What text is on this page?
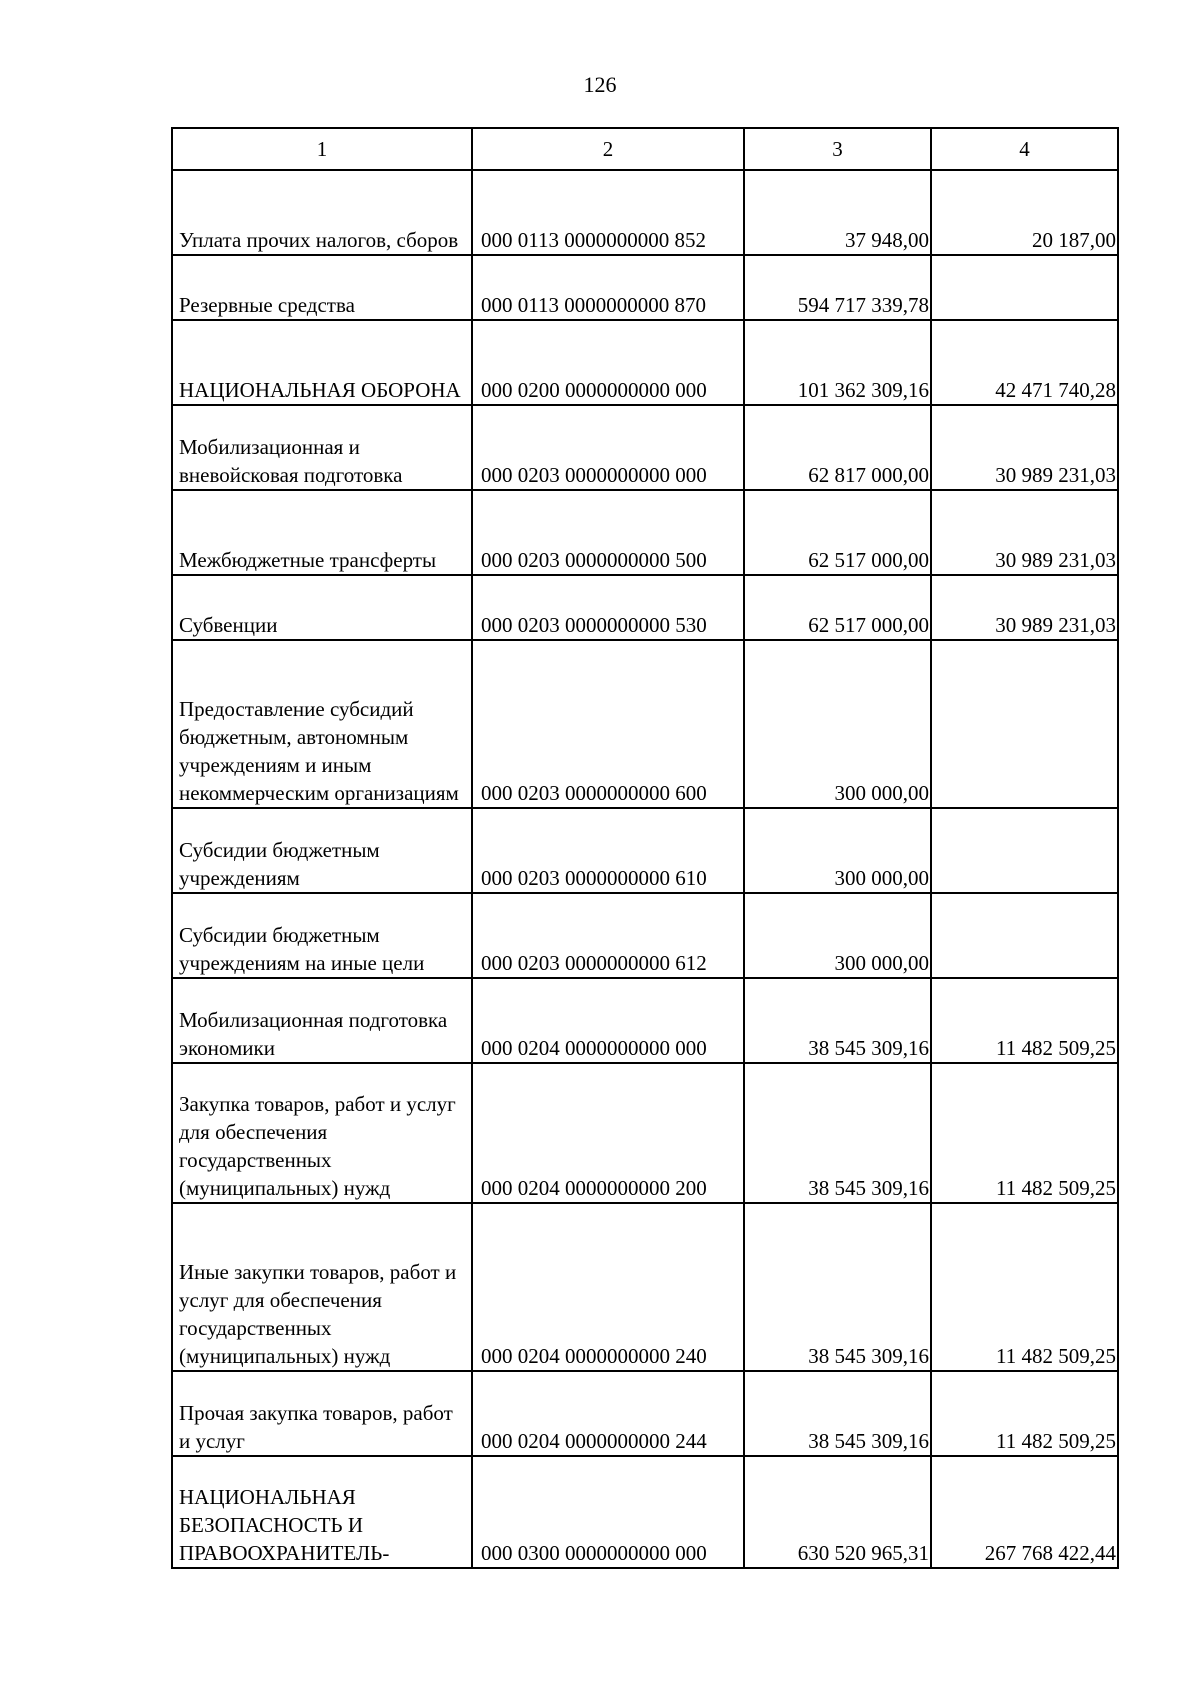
126
1	2	3	4
Уплата прочих налогов, сборов	000 0113 0000000000 852	37 948,00	20 187,00
Резервные средства	000 0113 0000000000 870	594 717 339,78	
НАЦИОНАЛЬНАЯ ОБОРОНА	000 0200 0000000000 000	101 362 309,16	42 471 740,28
Мобилизационная и вневойсковая подготовка	000 0203 0000000000 000	62 817 000,00	30 989 231,03
Межбюджетные трансферты	000 0203 0000000000 500	62 517 000,00	30 989 231,03
Субвенции	000 0203 0000000000 530	62 517 000,00	30 989 231,03
Предоставление субсидий бюджетным, автономным учреждениям и иным некоммерческим организациям	000 0203 0000000000 600	300 000,00	
Субсидии бюджетным учреждениям	000 0203 0000000000 610	300 000,00	
Субсидии бюджетным учреждениям на иные цели	000 0203 0000000000 612	300 000,00	
Мобилизационная подготовка экономики	000 0204 0000000000 000	38 545 309,16	11 482 509,25
Закупка товаров, работ и услуг для обеспечения государственных (муниципальных) нужд	000 0204 0000000000 200	38 545 309,16	11 482 509,25
Иные закупки товаров, работ и услуг для обеспечения государственных (муниципальных) нужд	000 0204 0000000000 240	38 545 309,16	11 482 509,25
Прочая закупка товаров, работ и услуг	000 0204 0000000000 244	38 545 309,16	11 482 509,25
НАЦИОНАЛЬНАЯ БЕЗОПАСНОСТЬ И ПРАВООХРАНИТЕЛЬ-	000 0300 0000000000 000	630 520 965,31	267 768 422,44
